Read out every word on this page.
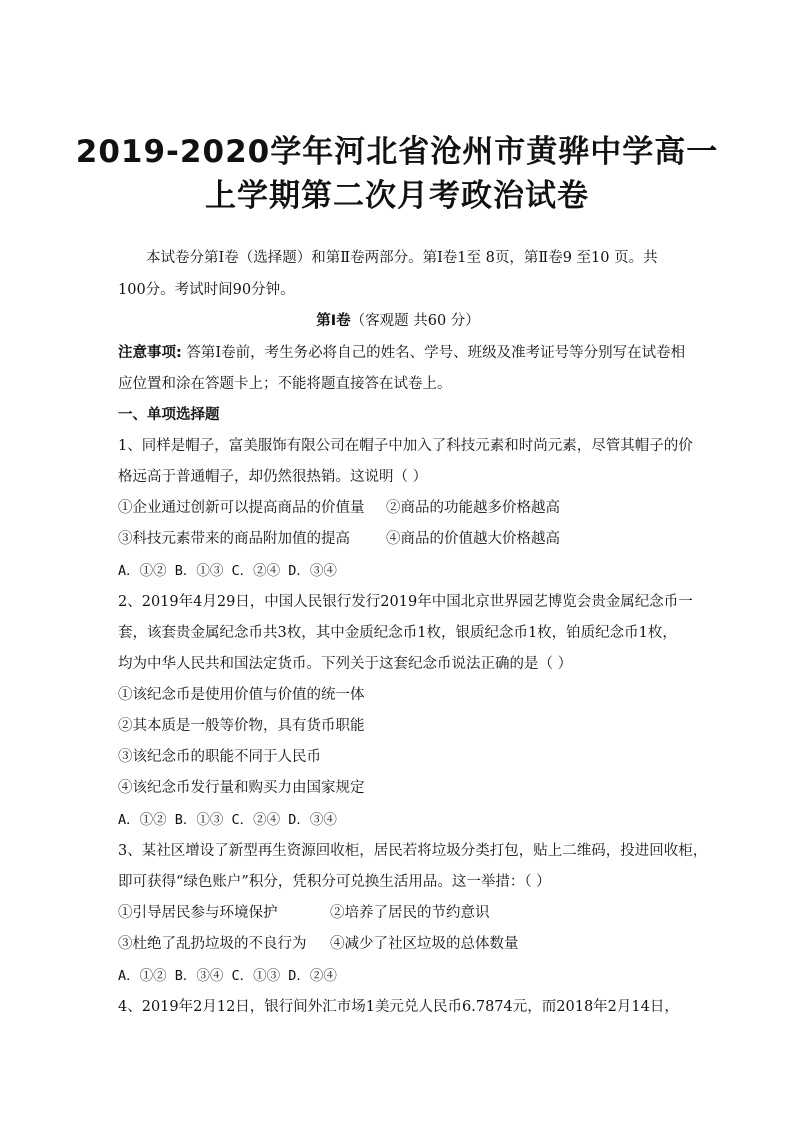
2019-2020学年河北省沧州市黄骅中学高一
上学期第二次月考政治试卷
本试卷分第Ⅰ卷（选择题）和第Ⅱ卷两部分。第Ⅰ卷1至 8页，第Ⅱ卷9 至10 页。共
100分。考试时间90分钟。
第Ⅰ卷（客观题 共60 分）
注意事项: 答第Ⅰ卷前，考生务必将自己的姓名、学号、班级及准考证号等分别写在试卷相
应位置和涂在答题卡上；不能将题直接答在试卷上。
一、单项选择题
1、同样是帽子，富美服饰有限公司在帽子中加入了科技元素和时尚元素，尽管其帽子的价
格远高于普通帽子，却仍然很热销。这说明（ ）
①企业通过创新可以提高商品的价值量 ②商品的功能越多价格越高
③科技元素带来的商品附加值的提高 ④商品的价值越大价格越高
A．①② B．①③ C．②④ D．③④
2、2019年4月29日，中国人民银行发行2019年中国北京世界园艺博览会贵金属纪念币一
套，该套贵金属纪念币共3枚，其中金质纪念币1枚，银质纪念币1枚，铂质纪念币1枚，
均为中华人民共和国法定货币。下列关于这套纪念币说法正确的是（ ）
①该纪念币是使用价值与价值的统一体
②其本质是一般等价物，具有货币职能
③该纪念币的职能不同于人民币
④该纪念币发行量和购买力由国家规定
A．①② B．①③ C．②④ D．③④
3、某社区增设了新型再生资源回收柜，居民若将垃圾分类打包，贴上二维码，投进回收柜，
即可获得“绿色账户”积分，凭积分可兑换生活用品。这一举措：（ ）
①引导居民参与环境保护	②培养了居民的节约意识
③杜绝了乱扔垃圾的不良行为 ④减少了社区垃圾的总体数量
A．①② B．③④ C．①③ D．②④
4、2019年2月12日，银行间外汇市场1美元兑人民币6.7874元，而2018年2月14日，
